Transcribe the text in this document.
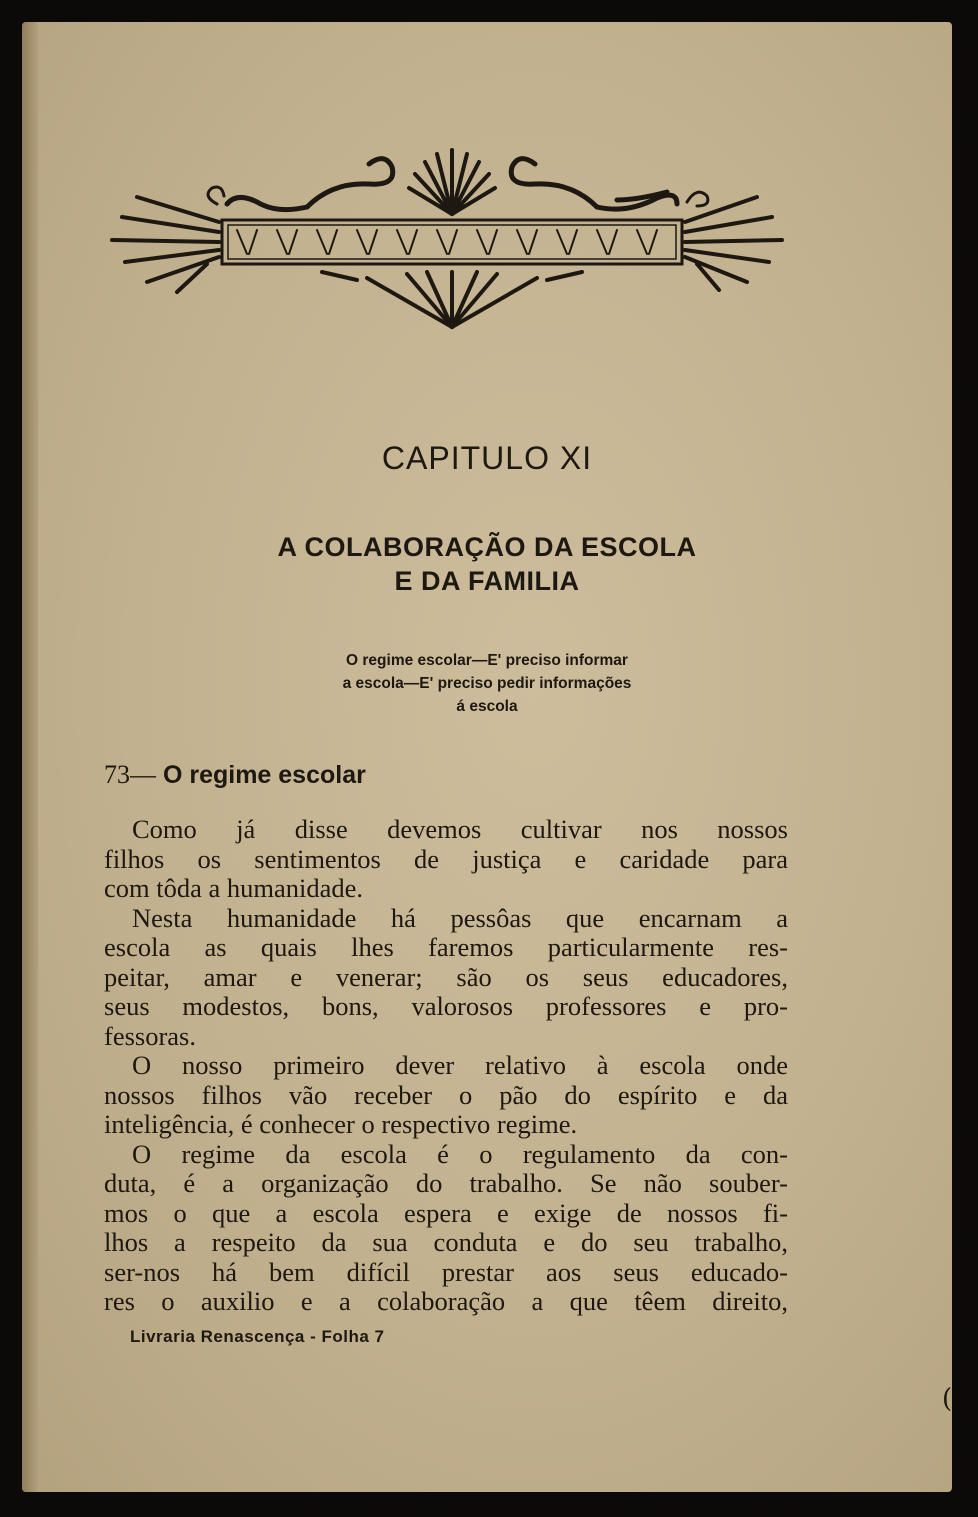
CAPITULO XI
A COLABORAÇÃO DA ESCOLA
E DA FAMILIA
O regime escolar—E' preciso informar
a escola—E' preciso pedir informações
á escola
73— O regime escolar
Como já disse devemos cultivar nos nossos
filhos os sentimentos de justiça e caridade para
com tôda a humanidade.
Nesta humanidade há pessôas que encarnam a
escola as quais lhes faremos particularmente res-
peitar, amar e venerar; são os seus educadores,
seus modestos, bons, valorosos professores e pro-
fessoras.
O nosso primeiro dever relativo à escola onde
nossos filhos vão receber o pão do espírito e da
inteligência, é conhecer o respectivo regime.
O regime da escola é o regulamento da con-
duta, é a organização do trabalho. Se não souber-
mos o que a escola espera e exige de nossos fi-
lhos a respeito da sua conduta e do seu trabalho,
ser-nos há bem difícil prestar aos seus educado-
res o auxilio e a colaboração a que têem direito,
Livraria Renascença - Folha 7
(
